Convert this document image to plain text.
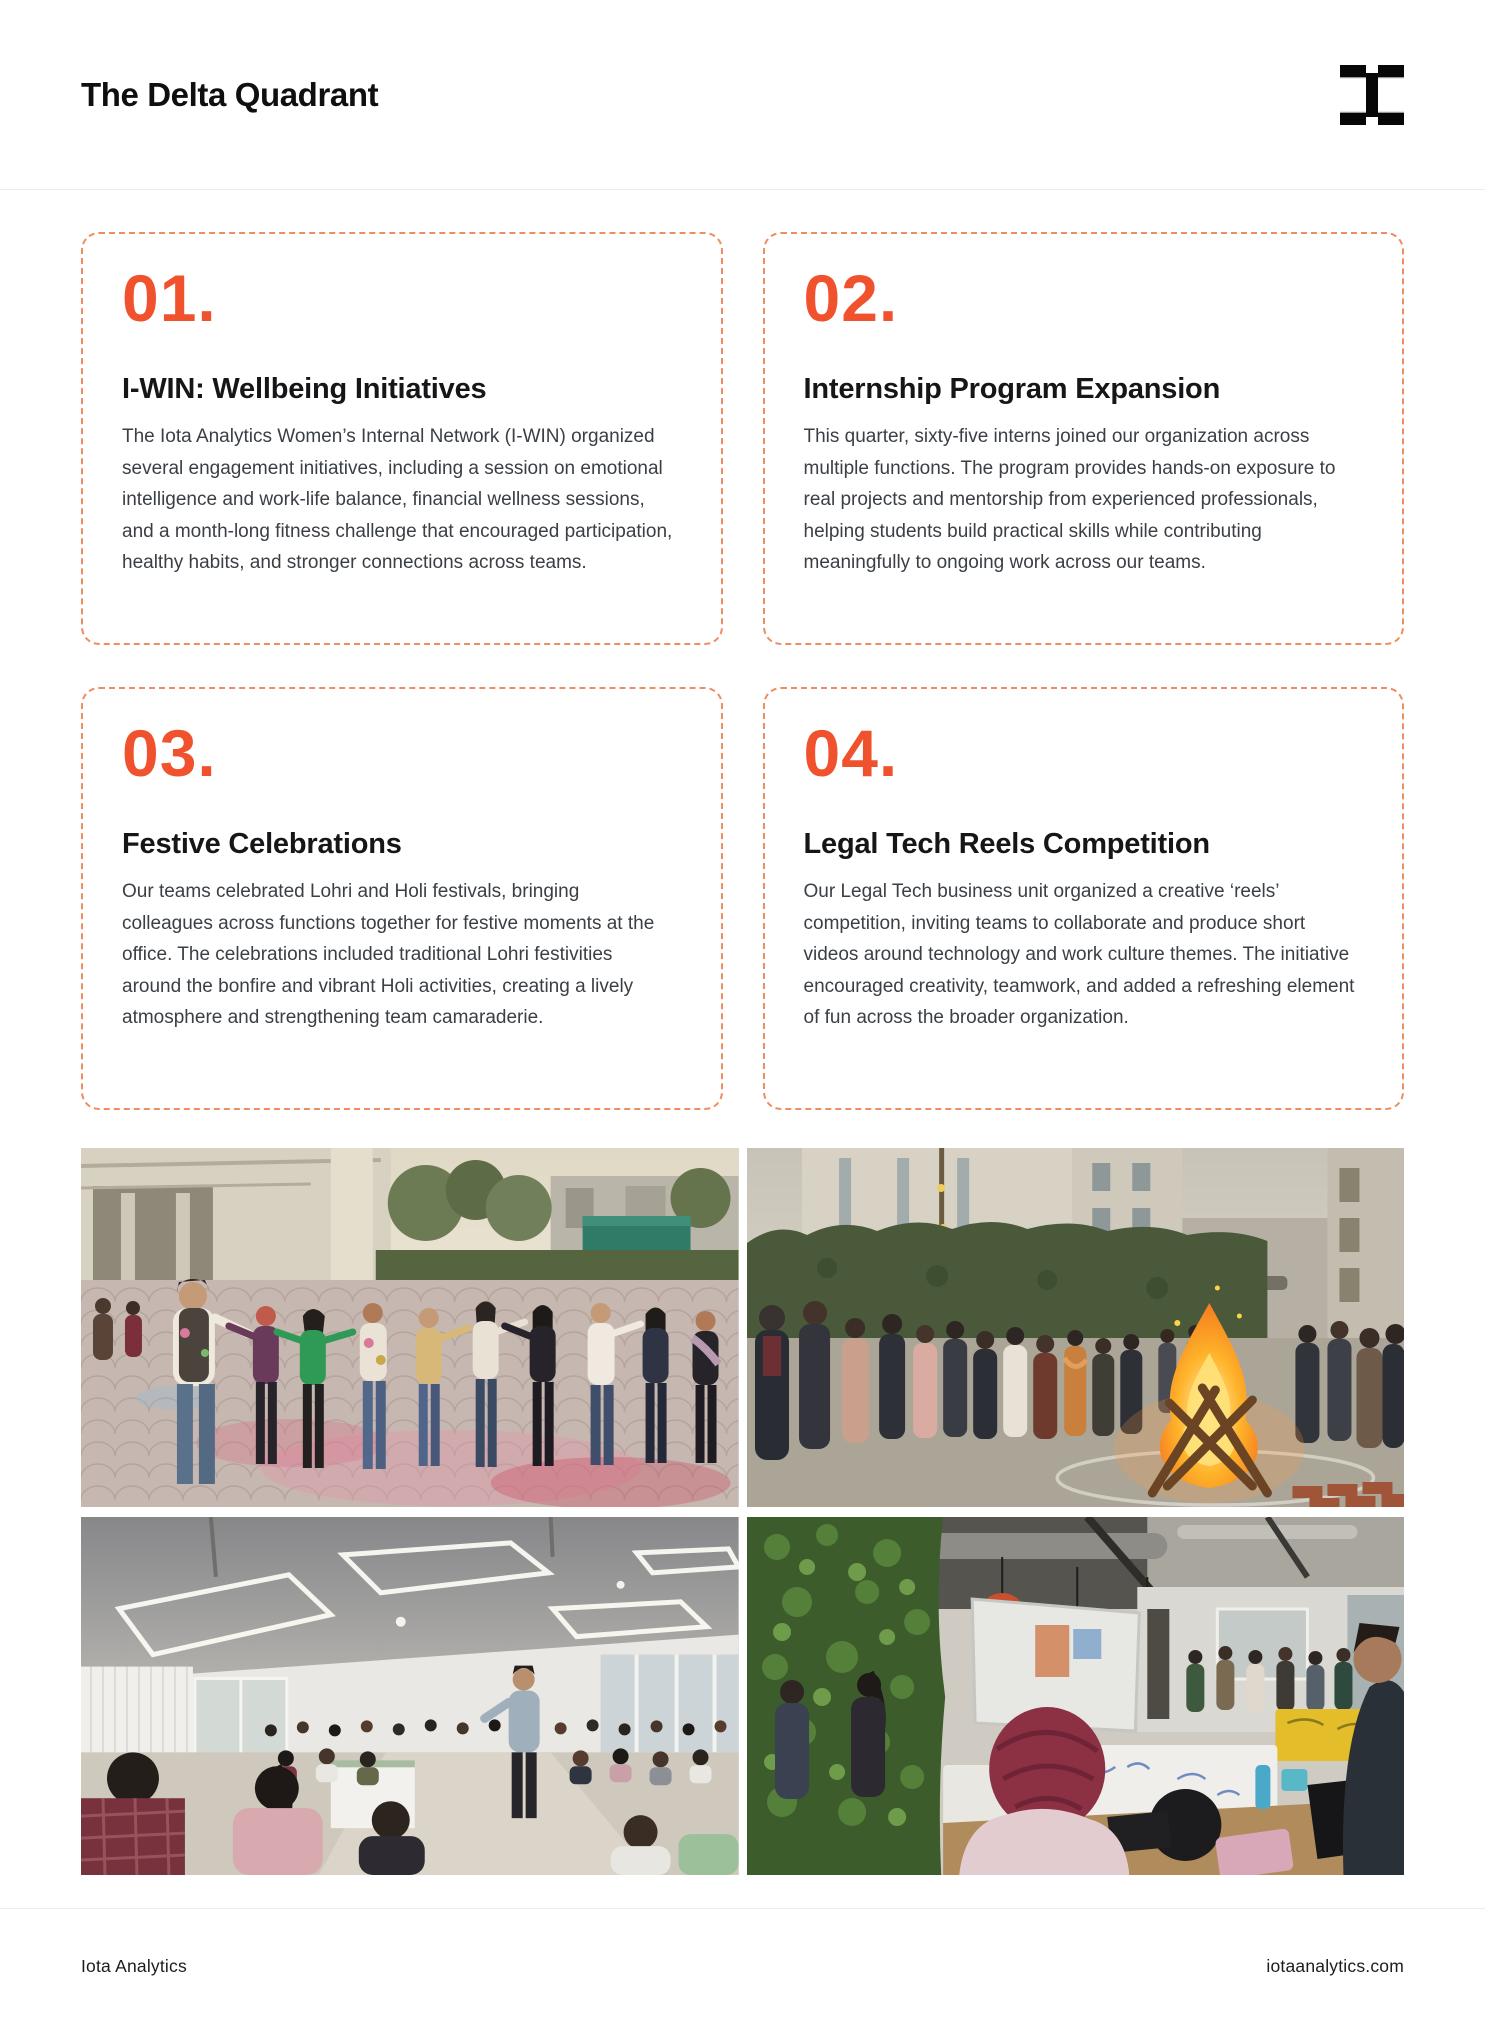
The Delta Quadrant
01.
I-WIN: Wellbeing Initiatives
The Iota Analytics Women’s Internal Network (I-WIN) organized several engagement initiatives, including a session on emotional intelligence and work-life balance, financial wellness sessions, and a month-long fitness challenge that encouraged participation, healthy habits, and stronger connections across teams.
02.
Internship Program Expansion
This quarter, sixty-five interns joined our organization across multiple functions. The program provides hands-on exposure to real projects and mentorship from experienced professionals, helping students build practical skills while contributing meaningfully to ongoing work across our teams.
03.
Festive Celebrations
Our teams celebrated Lohri and Holi festivals, bringing colleagues across functions together for festive moments at the office. The celebrations included traditional Lohri festivities around the bonfire and vibrant Holi activities, creating a lively atmosphere and strengthening team camaraderie.
04.
Legal Tech Reels Competition
Our Legal Tech business unit organized a creative ‘reels’ competition, inviting teams to collaborate and produce short videos around technology and work culture themes. The initiative encouraged creativity, teamwork, and added a refreshing element of fun across the broader organization.
Iota Analytics	iotaanalytics.com
